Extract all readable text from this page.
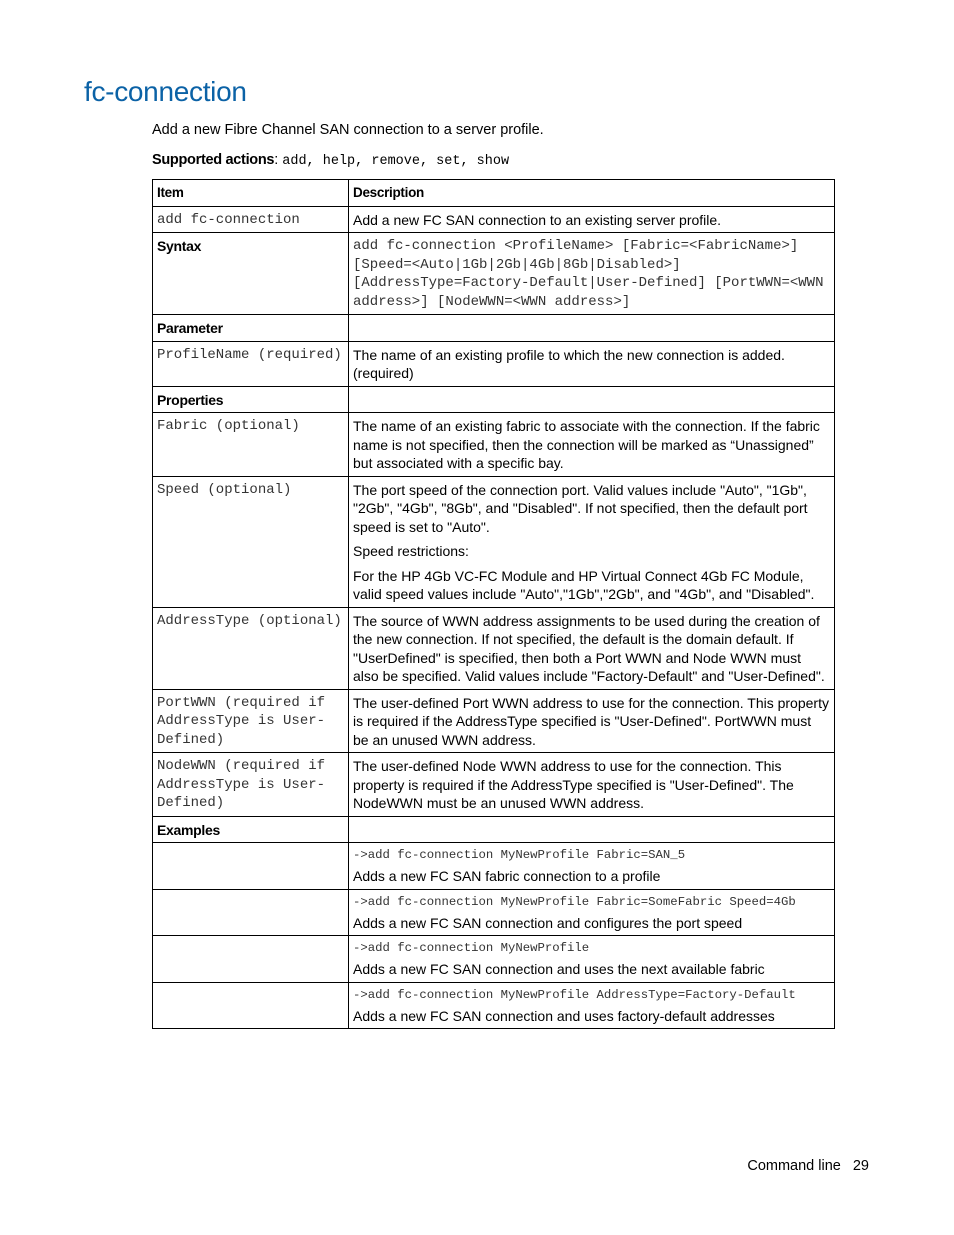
fc-connection
Add a new Fibre Channel SAN connection to a server profile.
Supported actions: add, help, remove, set, show
Item	Description
add fc-connection	Add a new FC SAN connection to an existing server profile.
Syntax	add fc-connection <ProfileName> [Fabric=<FabricName>]
[Speed=<Auto|1Gb|2Gb|4Gb|8Gb|Disabled>]
[AddressType=Factory-Default|User-Defined] [PortWWN=<WWN
address>] [NodeWWN=<WWN address>]

Parameter	
ProfileName (required)	The name of an existing profile to which the new connection is added. (required)
Properties	
Fabric (optional)	The name of an existing fabric to associate with the connection. If the fabric name is not specified, then the connection will be marked as “Unassigned” but associated with a specific bay.
Speed (optional)	The port speed of the connection port. Valid values include "Auto", "1Gb", "2Gb", "4Gb", "8Gb", and "Disabled". If not specified, then the default port speed is set to "Auto".
Speed restrictions:
For the HP 4Gb VC-FC Module and HP Virtual Connect 4Gb FC Module, valid speed values include "Auto","1Gb","2Gb", and "4Gb", and "Disabled".

AddressType (optional)	The source of WWN address assignments to be used during the creation of the new connection. If not specified, the default is the domain default. If "UserDefined" is specified, then both a Port WWN and Node WWN must also be specified. Valid values include "Factory-Default" and "User-Defined".
PortWWN (required if AddressType is User-Defined)	The user-defined Port WWN address to use for the connection. This property is required if the AddressType specified is "User-Defined". PortWWN must be an unused WWN address.
NodeWWN (required if AddressType is User-Defined)	The user-defined Node WWN address to use for the connection. This property is required if the AddressType specified is "User-Defined". The NodeWWN must be an unused WWN address.
Examples	

	->add fc-connection MyNewProfile Fabric=SAN_5
Adds a new FC SAN fabric connection to a profile

	->add fc-connection MyNewProfile Fabric=SomeFabric Speed=4Gb
Adds a new FC SAN connection and configures the port speed

	->add fc-connection MyNewProfile
Adds a new FC SAN connection and uses the next available fabric

	->add fc-connection MyNewProfile AddressType=Factory-Default
Adds a new FC SAN connection and uses factory-default addresses
Command line 29
